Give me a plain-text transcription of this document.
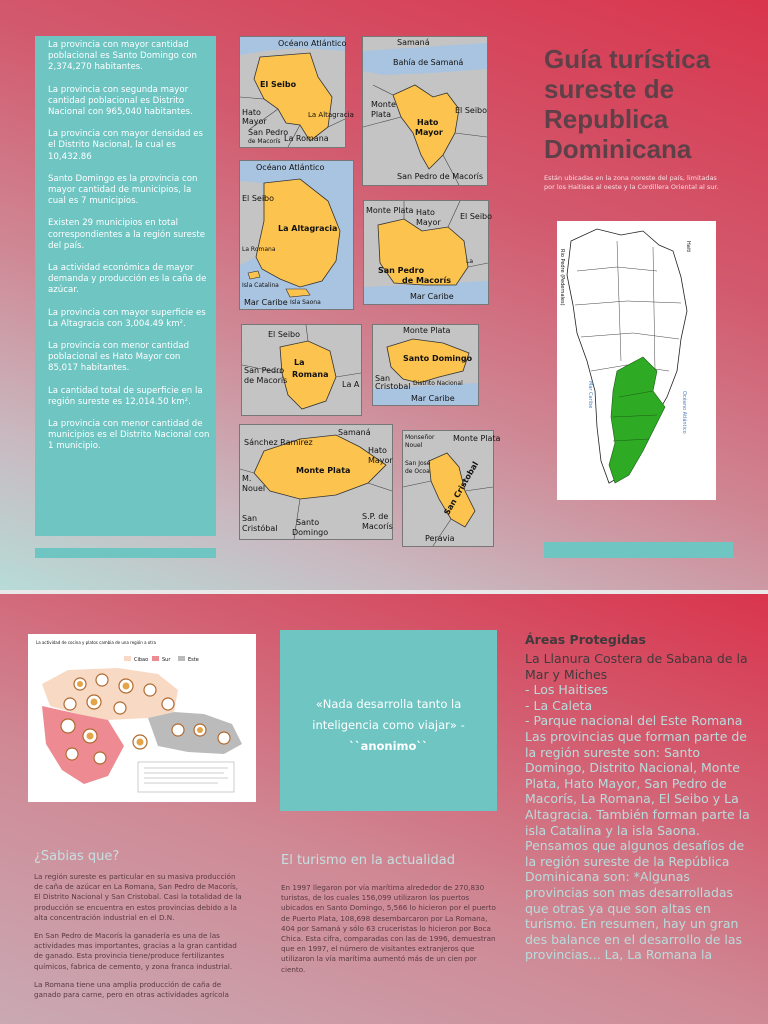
La provincia con mayor cantidad poblacional es Santo Domingo con 2,374,270 habitantes.

La provincia con segunda mayor cantidad poblacional es Distrito Nacional con 965,040 habitantes.

La provincia con mayor densidad es el Distrito Nacional, la cual es 10,432.86

Santo Domingo es la provincia con mayor cantidad de municipios, la cual es 7 municipios.

Existen 29 municipios en total correspondientes a la región sureste del país.

La actividad económica de mayor demanda y producción es la caña de azúcar.

La provincia con mayor superficie es La Altagracia con 3,004.49 km².

La provincia con menor cantidad poblacional es Hato Mayor con 85,017 habitantes.

La cantidad total de superficie en la región sureste es 12,014.50 km².

La provincia con menor cantidad de municipios es el Distrito Nacional con 1 municipio.

Océano Atlántico
El Seibo
Hato
Mayor
San Pedro
de Macorís La Romana
La Altagracia
Samaná
Bahía de Samaná
Hato
Mayor
Monte
Plata	El Seibo
San Pedro de Macorís
Océano Atlántico
La Altagracia
El Seibo
La Romana
Isla Catalina
Mar Caribe Isla Saona
Monte Plata Hato
Mayor
El Seibo
San Pedro
de Macorís
La
Mar Caribe
El Seibo
San Pedro
de Macorís
La
Romana
La A
Monte Plata
Santo Domingo
San
Cristobal Distrito Nacional
Mar Caribe
Sánchez Ramírez
Samaná
Monte Plata
Hato
Mayor
M.
Nouel
San
Cristóbal
Santo
Domingo
S.P. de
Macorís
Monseñor
Nouel
Monte Plata
San José
de Ocoa San Cristobal
Peravia
Guía turística sureste de Republica Dominicana

Están ubicadas en la zona noreste del país, limitadas por los Haitises al oeste y la Cordillera Oriental al sur.

Haiti
Rio Pedre (Pedernales)
Mar Caribe	Océano Atlántico
La actividad de cocina y platos cambia de una región a otra
Cibao	Sur	Este
«Nada desarrolla tanto la inteligencia como viajar» -
``anonimo``
¿Sabias que?

La región sureste es particular en su masiva producción de caña de azúcar en La Romana, San Pedro de Macorís, El Distrito Nacional y San Cristobal. Casi la totalidad de la producción se encuentra en estos provincias debido a la alta concentración industrial en el D.N.

En San Pedro de Macorís la ganadería es una de las actividades mas importantes, gracias a la gran cantidad de ganado. Esta provincia tiene/produce fertilizantes químicos, fabrica de cemento, y zona franca industrial.

La Romana tiene una amplia producción de caña de ganado para carne, pero en otras actividades agrícola

El turismo en la actualidad

En 1997 llegaron por vía marítima alrededor de 270,830 turistas, de los cuales 156,099 utilizaron los puertos ubicados en Santo Domingo, 5,566 lo hicieron por el puerto de Puerto Plata, 108,698 desembarcaron por La Romana, 404 por Samaná y sólo 63 cruceristas lo hicieron por Boca Chica. Esta cifra, comparadas con las de 1996, demuestran que en 1997, el número de visitantes extranjeros que utilizaron la vía marítima aumentó más de un cien por ciento.

Áreas Protegidas
La Llanura Costera de Sabana de la Mar y Miches
- Los Haitises
- La Caleta
- Parque nacional del Este Romana
Las provincias que forman parte de la región sureste son: Santo Domingo, Distrito Nacional, Monte Plata, Hato Mayor, San Pedro de Macorís, La Romana, El Seibo y La Altagracia. También forman parte la isla Catalina y la isla Saona.
Pensamos que algunos desafíos de la región sureste de la República Dominicana son: *Algunas provincias son mas desarrolladas que otras ya que son altas en turismo. En resumen, hay un gran des balance en el desarrollo de las provincias... La, La Romana la
